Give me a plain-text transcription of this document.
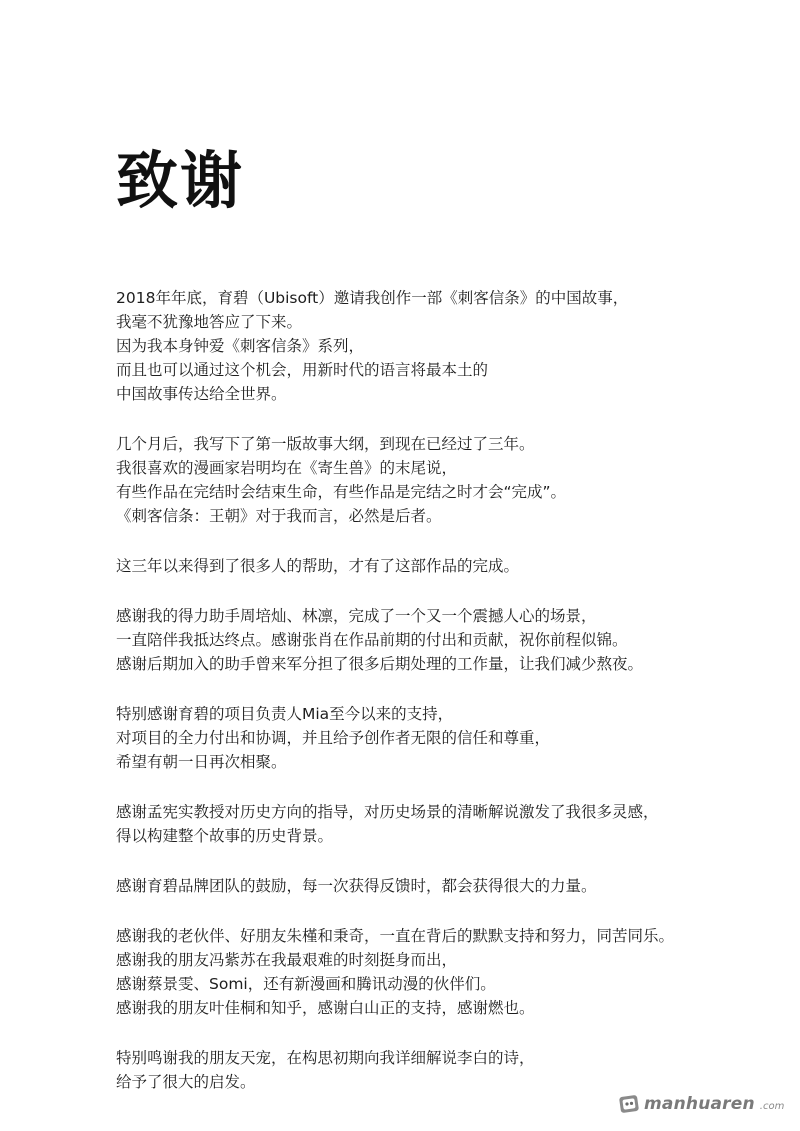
致谢
2018年年底，育碧（Ubisoft）邀请我创作一部《刺客信条》的中国故事，
我毫不犹豫地答应了下来。
因为我本身钟爱《刺客信条》系列，
而且也可以通过这个机会，用新时代的语言将最本土的
中国故事传达给全世界。
几个月后，我写下了第一版故事大纲，到现在已经过了三年。
我很喜欢的漫画家岩明均在《寄生兽》的末尾说，
有些作品在完结时会结束生命，有些作品是完结之时才会“完成”。
《刺客信条：王朝》对于我而言，必然是后者。
这三年以来得到了很多人的帮助，才有了这部作品的完成。
感谢我的得力助手周培灿、林凛，完成了一个又一个震撼人心的场景，
一直陪伴我抵达终点。感谢张肖在作品前期的付出和贡献，祝你前程似锦。
感谢后期加入的助手曾来军分担了很多后期处理的工作量，让我们减少熬夜。
特别感谢育碧的项目负责人Mia至今以来的支持，
对项目的全力付出和协调，并且给予创作者无限的信任和尊重，
希望有朝一日再次相聚。
感谢孟宪实教授对历史方向的指导，对历史场景的清晰解说激发了我很多灵感，
得以构建整个故事的历史背景。
感谢育碧品牌团队的鼓励，每一次获得反馈时，都会获得很大的力量。
感谢我的老伙伴、好朋友朱槿和秉奇，一直在背后的默默支持和努力，同苦同乐。
感谢我的朋友冯紫苏在我最艰难的时刻挺身而出，
感谢蔡景雯、Somi，还有新漫画和腾讯动漫的伙伴们。
感谢我的朋友叶佳桐和知乎，感谢白山正的支持，感谢燃也。
特别鸣谢我的朋友天宠，在构思初期向我详细解说李白的诗，
给予了很大的启发。
manhuaren .com
